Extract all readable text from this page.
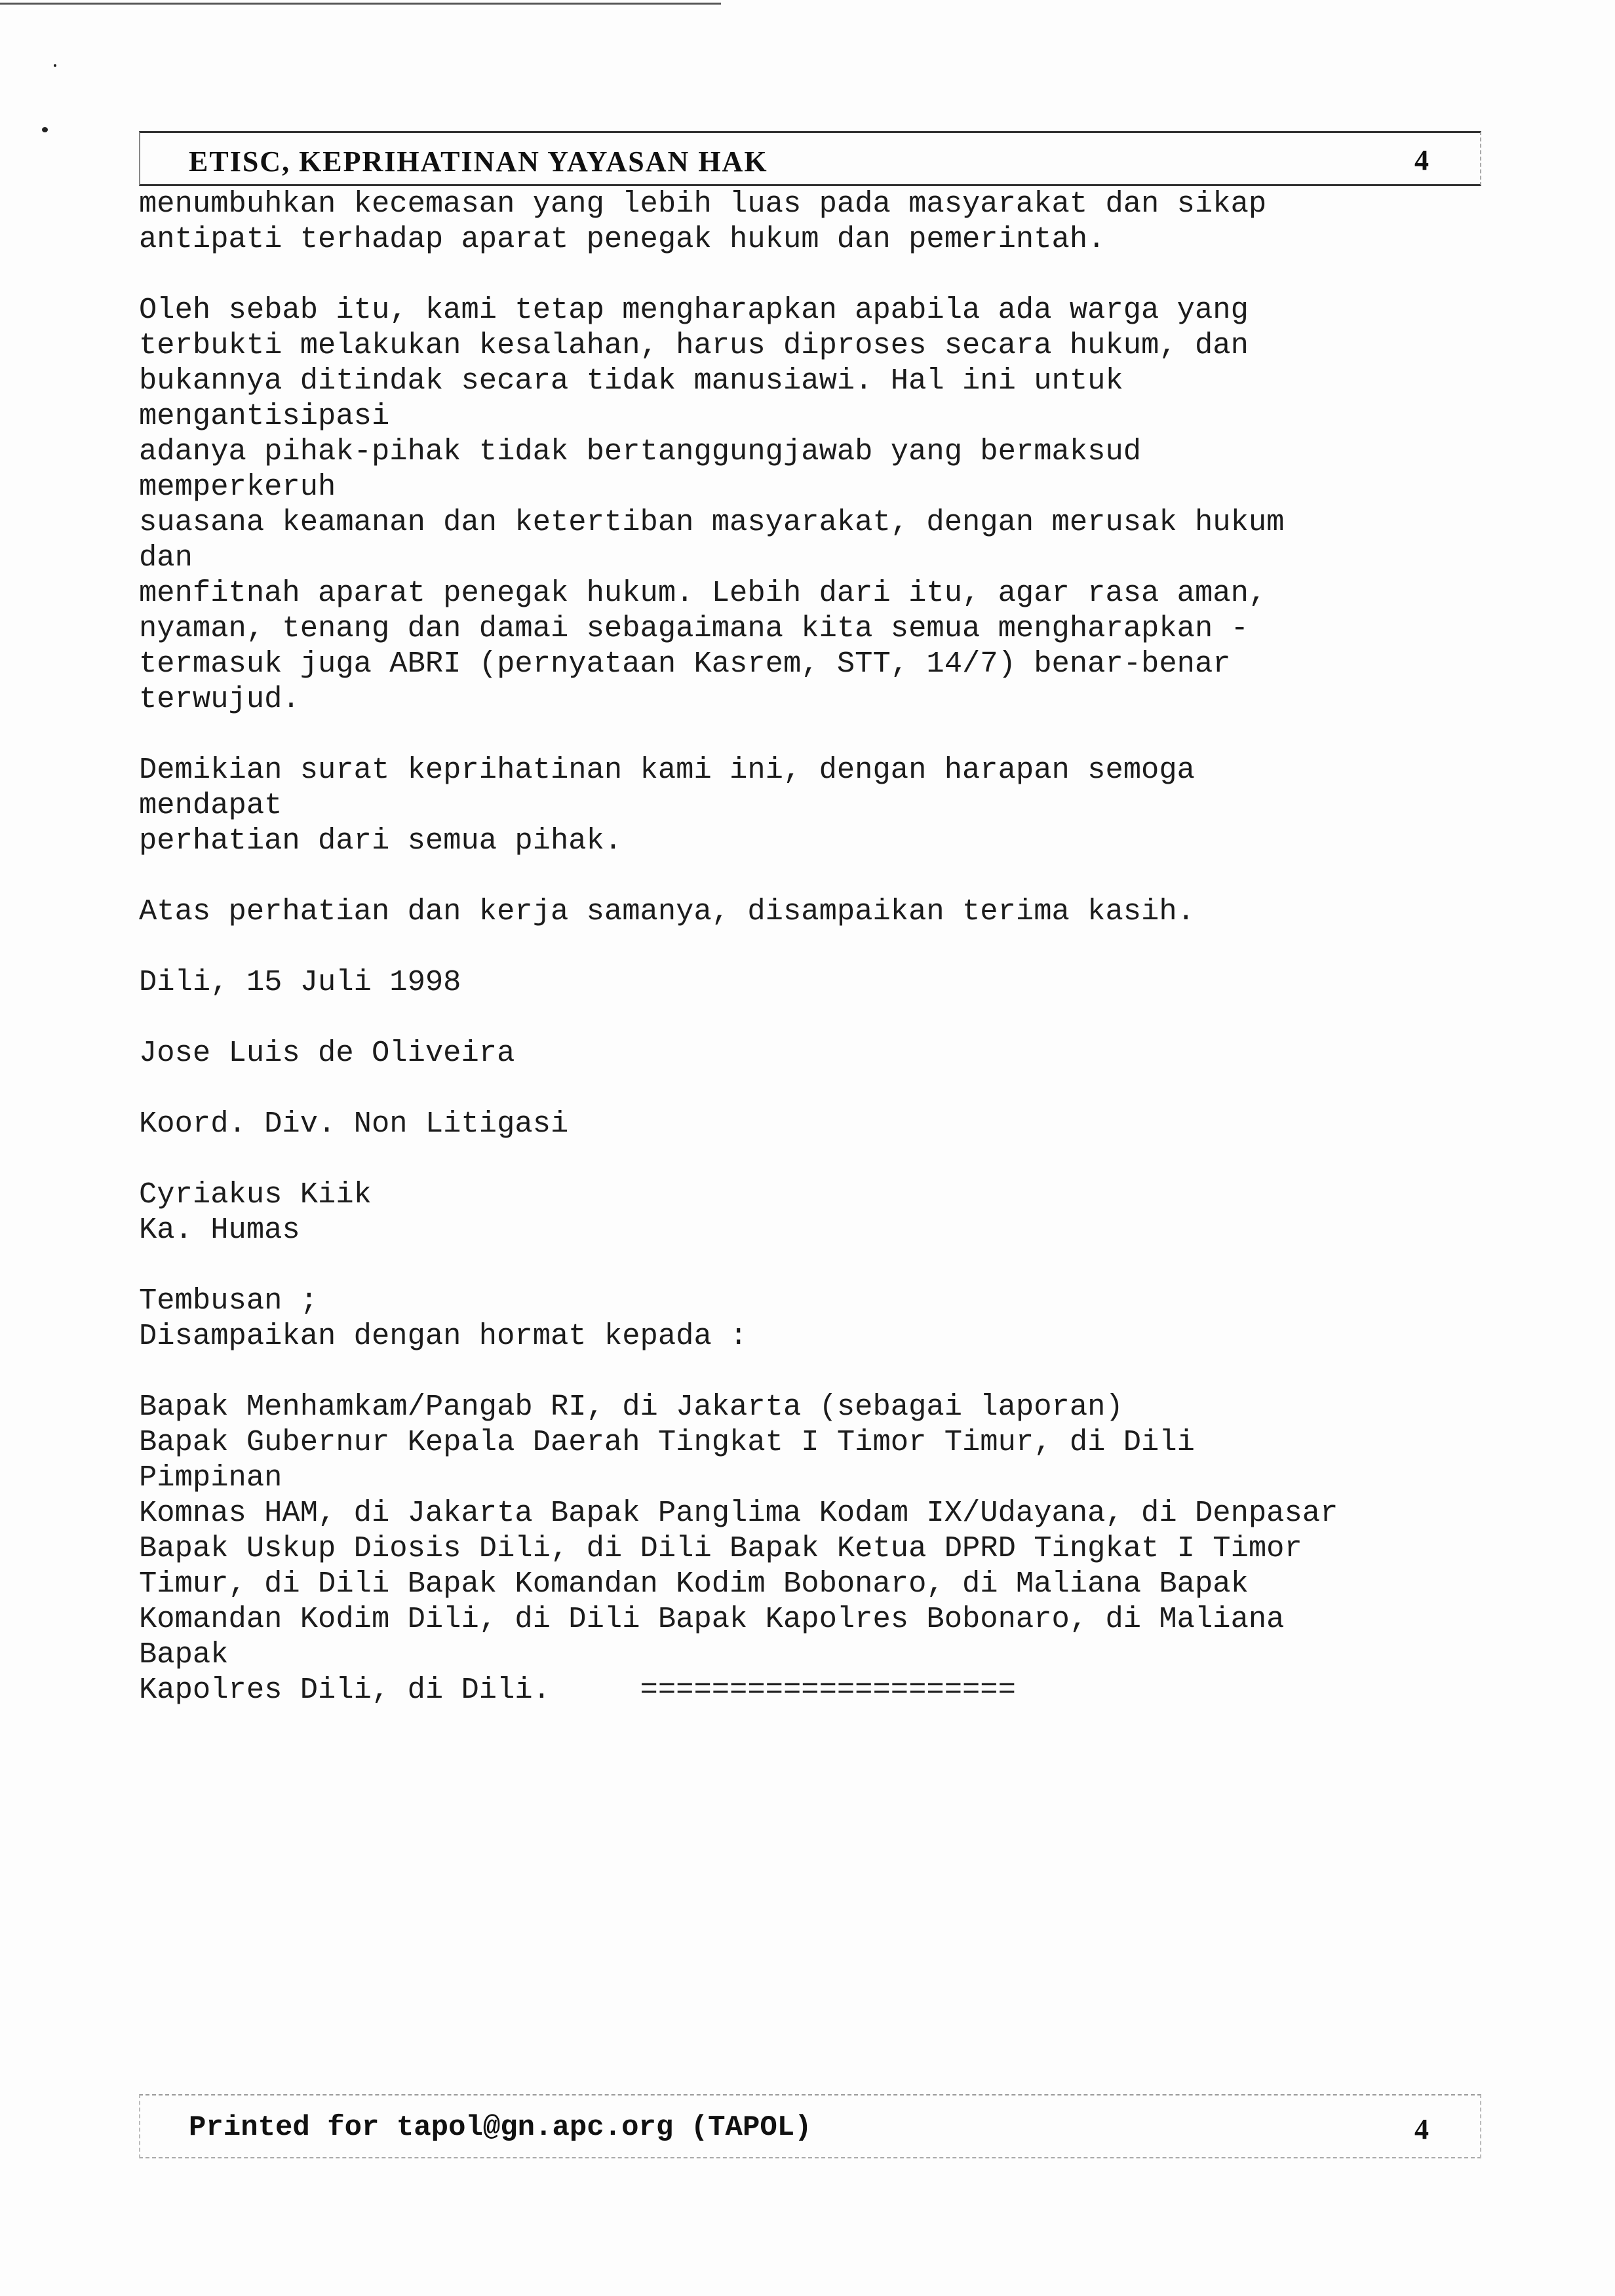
ETISC, KEPRIHATINAN YAYASAN HAK	4
menumbuhkan kecemasan yang lebih luas pada masyarakat dan sikap
antipati terhadap aparat penegak hukum dan pemerintah.
Oleh sebab itu, kami tetap mengharapkan apabila ada warga yang
terbukti melakukan kesalahan, harus diproses secara hukum, dan
bukannya ditindak secara tidak manusiawi. Hal ini untuk
mengantisipasi
adanya pihak-pihak tidak bertanggungjawab yang bermaksud
memperkeruh
suasana keamanan dan ketertiban masyarakat, dengan merusak hukum
dan
menfitnah aparat penegak hukum. Lebih dari itu, agar rasa aman,
nyaman, tenang dan damai sebagaimana kita semua mengharapkan -
termasuk juga ABRI (pernyataan Kasrem, STT, 14/7) benar-benar
terwujud.
Demikian surat keprihatinan kami ini, dengan harapan semoga
mendapat
perhatian dari semua pihak.
Atas perhatian dan kerja samanya, disampaikan terima kasih.
Dili, 15 Juli 1998
Jose Luis de Oliveira
Koord. Div. Non Litigasi
Cyriakus Kiik
Ka. Humas
Tembusan ;
Disampaikan dengan hormat kepada :
Bapak Menhamkam/Pangab RI, di Jakarta (sebagai laporan)
Bapak Gubernur Kepala Daerah Tingkat I Timor Timur, di Dili
Pimpinan
Komnas HAM, di Jakarta Bapak Panglima Kodam IX/Udayana, di Denpasar
Bapak Uskup Diosis Dili, di Dili Bapak Ketua DPRD Tingkat I Timor
Timur, di Dili Bapak Komandan Kodim Bobonaro, di Maliana Bapak
Komandan Kodim Dili, di Dili Bapak Kapolres Bobonaro, di Maliana
Bapak
Kapolres Dili, di Dili.     =====================
Printed for tapol@gn.apc.org (TAPOL)	4
